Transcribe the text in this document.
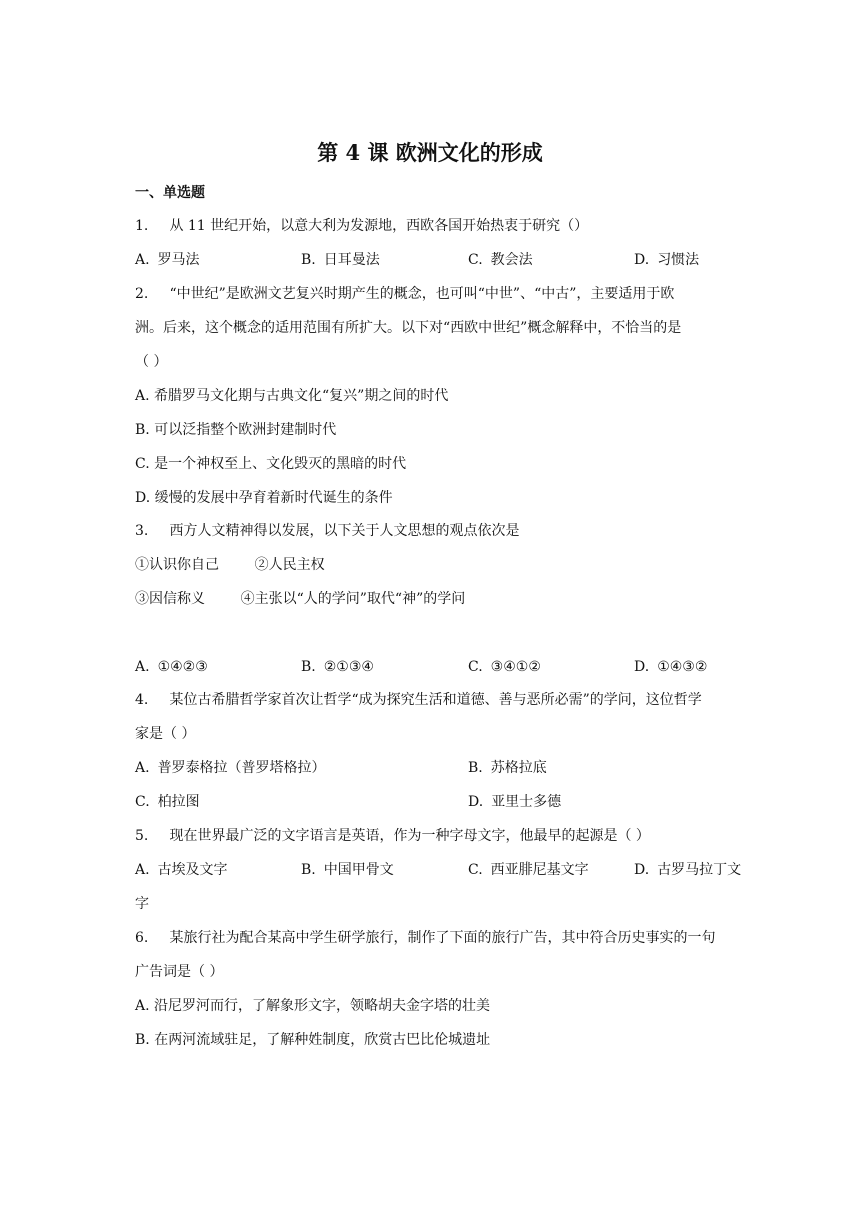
第 4 课 欧洲文化的形成
一、单选题
1. 从 11 世纪开始，以意大利为发源地，西欧各国开始热衷于研究（）
A. 罗马法	B. 日耳曼法	C. 教会法	D. 习惯法
2. “中世纪”是欧洲文艺复兴时期产生的概念，也可叫“中世”、“中古”，主要适用于欧
洲。后来，这个概念的适用范围有所扩大。以下对“西欧中世纪”概念解释中，不恰当的是
（ ）
A. 希腊罗马文化期与古典文化“复兴”期之间的时代
B. 可以泛指整个欧洲封建制时代
C. 是一个神权至上、文化毁灭的黑暗的时代
D. 缓慢的发展中孕育着新时代诞生的条件
3. 西方人文精神得以发展，以下关于人文思想的观点依次是
①认识你自己        ②人民主权
③因信称义        ④主张以“人的学问”取代“神”的学问
A. ①④②③	B. ②①③④	C. ③④①②	D. ①④③②
4. 某位古希腊哲学家首次让哲学“成为探究生活和道德、善与恶所必需”的学问，这位哲学
家是（ ）
A. 普罗泰格拉（普罗塔格拉）	B. 苏格拉底
C. 柏拉图	D. 亚里士多德
5. 现在世界最广泛的文字语言是英语，作为一种字母文字，他最早的起源是（ ）
A. 古埃及文字	B. 中国甲骨文	C. 西亚腓尼基文字	D. 古罗马拉丁文
字
6. 某旅行社为配合某高中学生研学旅行，制作了下面的旅行广告，其中符合历史事实的一句
广告词是（ ）
A. 沿尼罗河而行，了解象形文字，领略胡夫金字塔的壮美
B. 在两河流域驻足，了解种姓制度，欣赏古巴比伦城遗址
